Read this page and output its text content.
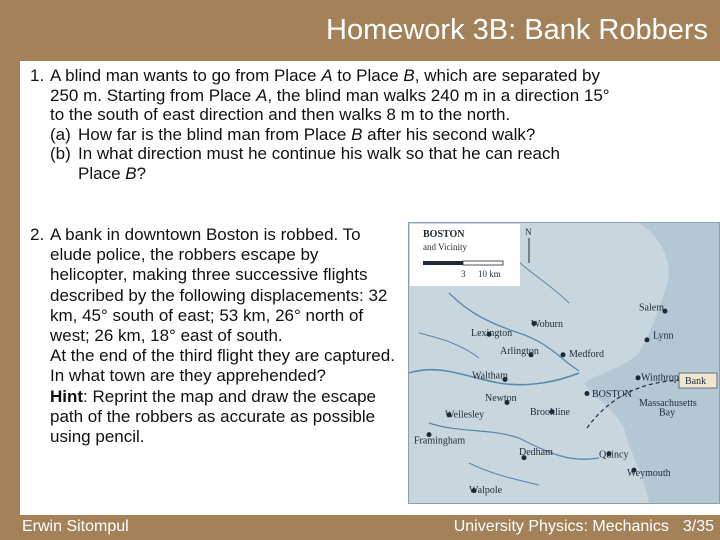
Homework 3B: Bank Robbers
1. A blind man wants to go from Place A to Place B, which are separated by
250 m. Starting from Place A, the blind man walks 240 m in a direction 15°
to the south of east direction and then walks 8 m to the north.
(a) How far is the blind man from Place B after his second walk?
(b) In what direction must he continue his walk so that he can reach
Place B?

2. A bank in downtown Boston is robbed. To elude police, the robbers escape by helicopter, making three successive flights described by the following displacements: 32 km, 45° south of east; 53 km, 26° north of west; 26 km, 18° east of south.

At the end of the third flight they are captured. In what town are they apprehended?

Hint: Reprint the map and draw the escape path of the robbers as accurate as possible using pencil.

BOSTON
and Vicinity
3 10 km
N
Bank
Salem
Woburn
Lexington	Lynn
Arlington	Medford
Waltham	Winthrop
BOSTON
Newton	Massachusetts
Bay
Brookline
Wellesley
Framingham
Dedham	Quincy
Weymouth
Walpole
Erwin Sitompul	University Physics: Mechanics 3/35
